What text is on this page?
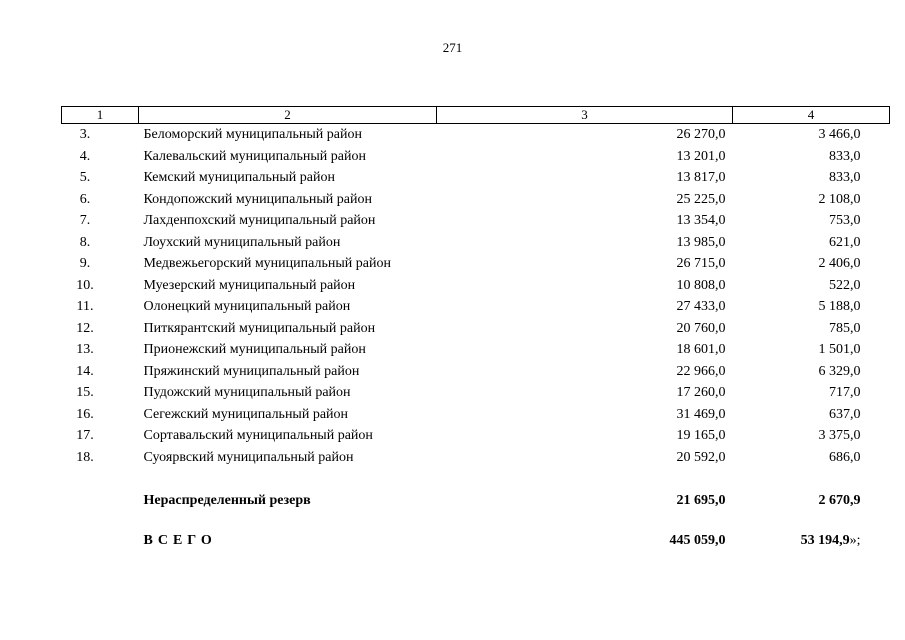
271
1	2	3	4
3.	Беломорский муниципальный район	26 270,0	3 466,0
4.	Калевальский муниципальный район	13 201,0	833,0
5.	Кемский муниципальный район	13 817,0	833,0
6.	Кондопожский муниципальный район	25 225,0	2 108,0
7.	Лахденпохский муниципальный район	13 354,0	753,0
8.	Лоухский муниципальный район	13 985,0	621,0
9.	Медвежьегорский муниципальный район	26 715,0	2 406,0
10.	Муезерский муниципальный район	10 808,0	522,0
11.	Олонецкий муниципальный район	27 433,0	5 188,0
12.	Питкярантский муниципальный район	20 760,0	785,0
13.	Прионежский муниципальный район	18 601,0	1 501,0
14.	Пряжинский муниципальный район	22 966,0	6 329,0
15.	Пудожский муниципальный район	17 260,0	717,0
16.	Сегежский муниципальный район	31 469,0	637,0
17.	Сортавальский муниципальный район	19 165,0	3 375,0
18.	Суоярвский муниципальный район	20 592,0	686,0

	Нераспределенный резерв	21 695,0	2 670,9

	ВСЕГО	445 059,0	53 194,9»;
